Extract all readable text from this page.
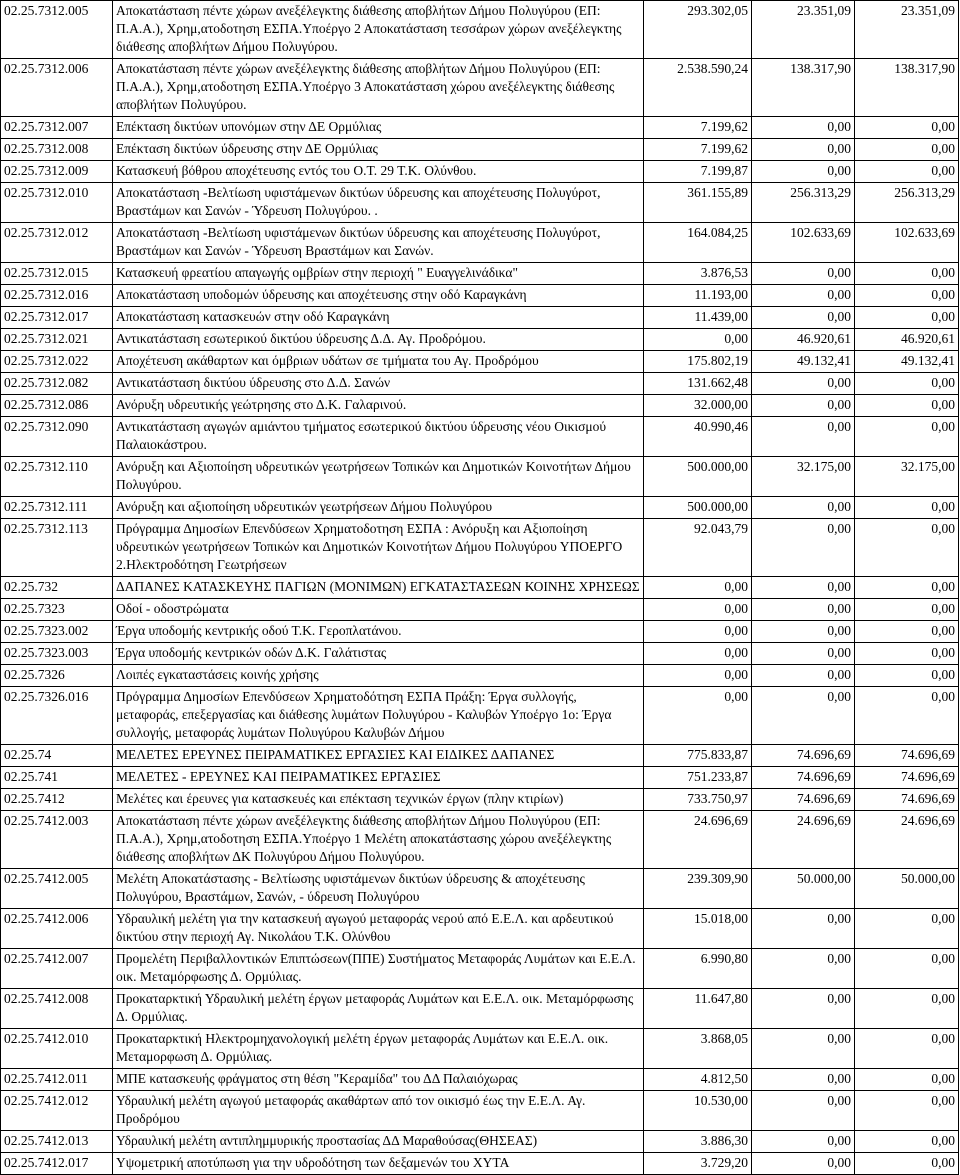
02.25.7312.005	Αποκατάσταση πέντε χώρων ανεξέλεγκτης διάθεσης αποβλήτων Δήμου Πολυγύρου (ΕΠ: Π.Α.Α.), Χρημ,ατοδοτηση ΕΣΠΑ.Υποέργο 2 Αποκατάσταση τεσσάρων χώρων ανεξέλεγκτης διάθεσης αποβλήτων Δήμου Πολυγύρου.	293.302,05	23.351,09	23.351,09
02.25.7312.006	Αποκατάσταση πέντε χώρων ανεξέλεγκτης διάθεσης αποβλήτων Δήμου Πολυγύρου (ΕΠ: Π.Α.Α.), Χρημ,ατοδοτηση ΕΣΠΑ.Υποέργο 3 Αποκατάσταση χώρου ανεξέλεγκτης διάθεσης αποβλήτων Πολυγύρου.	2.538.590,24	138.317,90	138.317,90
02.25.7312.007	Επέκταση δικτύων υπονόμων στην ΔΕ Ορμύλιας	7.199,62	0,00	0,00
02.25.7312.008	Επέκταση δικτύων ύδρευσης στην ΔΕ Ορμύλιας	7.199,62	0,00	0,00
02.25.7312.009	Κατασκευή βόθρου αποχέτευσης εντός του Ο.Τ. 29 Τ.Κ. Ολύνθου.	7.199,87	0,00	0,00
02.25.7312.010	Αποκατάσταση -Βελτίωση υφιστάμενων δικτύων ύδρευσης και αποχέτευσης Πολυγύροτ, Βραστάμων και Σανών - Ύδρευση Πολυγύρου. .	361.155,89	256.313,29	256.313,29
02.25.7312.012	Αποκατάσταση -Βελτίωση υφιστάμενων δικτύων ύδρευσης και αποχέτευσης Πολυγύροτ, Βραστάμων και Σανών - Ύδρευση Βραστάμων και Σανών.	164.084,25	102.633,69	102.633,69
02.25.7312.015	Κατασκευή φρεατίου απαγωγής ομβρίων στην περιοχή " Ευαγγελινάδικα"	3.876,53	0,00	0,00
02.25.7312.016	Αποκατάσταση υποδομών ύδρευσης και αποχέτευσης στην οδό Καραγκάνη	11.193,00	0,00	0,00
02.25.7312.017	Αποκατάσταση κατασκευών στην οδό Καραγκάνη	11.439,00	0,00	0,00
02.25.7312.021	Αντικατάσταση εσωτερικού δικτύου ύδρευσης Δ.Δ. Αγ. Προδρόμου.	0,00	46.920,61	46.920,61
02.25.7312.022	Αποχέτευση ακάθαρτων και όμβριων υδάτων σε τμήματα του Αγ. Προδρόμου	175.802,19	49.132,41	49.132,41
02.25.7312.082	Αντικατάσταση δικτύου ύδρευσης στο Δ.Δ. Σανών	131.662,48	0,00	0,00
02.25.7312.086	Ανόρυξη υδρευτικής γεώτρησης στο Δ.Κ. Γαλαρινού.	32.000,00	0,00	0,00
02.25.7312.090	Αντικατάσταση αγωγών αμιάντου τμήματος εσωτερικού δικτύου ύδρευσης νέου Οικισμού Παλαιοκάστρου.	40.990,46	0,00	0,00
02.25.7312.110	Ανόρυξη και Αξιοποίηση υδρευτικών γεωτρήσεων Τοπικών και Δημοτικών Κοινοτήτων Δήμου Πολυγύρου.	500.000,00	32.175,00	32.175,00
02.25.7312.111	Ανόρυξη και αξιοποίηση υδρευτικών γεωτρήσεων Δήμου Πολυγύρου	500.000,00	0,00	0,00
02.25.7312.113	Πρόγραμμα Δημοσίων Επενδύσεων Χρηματοδοτηση ΕΣΠΑ : Ανόρυξη και Αξιοποίηση υδρευτικών γεωτρήσεων Τοπικών και Δημοτικών Κοινοτήτων Δήμου Πολυγύρου ΥΠΟΕΡΓΟ 2.Ηλεκτροδότηση Γεωτρήσεων	92.043,79	0,00	0,00
02.25.732	ΔΑΠΑΝΕΣ ΚΑΤΑΣΚΕΥΗΣ ΠΑΓΙΩΝ (ΜΟΝΙΜΩΝ) ΕΓΚΑΤΑΣΤΑΣΕΩΝ ΚΟΙΝΗΣ ΧΡΗΣΕΩΣ	0,00	0,00	0,00
02.25.7323	Οδοί - οδοστρώματα	0,00	0,00	0,00
02.25.7323.002	Έργα υποδομής κεντρικής οδού Τ.Κ. Γεροπλατάνου.	0,00	0,00	0,00
02.25.7323.003	Έργα υποδομής κεντρικών οδών Δ.Κ. Γαλάτιστας	0,00	0,00	0,00
02.25.7326	Λοιπές εγκαταστάσεις κοινής χρήσης	0,00	0,00	0,00
02.25.7326.016	Πρόγραμμα Δημοσίων Επενδύσεων Χρηματοδότηση ΕΣΠΑ Πράξη: Έργα συλλογής, μεταφοράς, επεξεργασίας και διάθεσης λυμάτων Πολυγύρου - Καλυβών Υποέργο 1ο: Έργα συλλογής, μεταφοράς λυμάτων Πολυγύρου Καλυβών Δήμου	0,00	0,00	0,00
02.25.74	ΜΕΛΕΤΕΣ ΕΡΕΥΝΕΣ ΠΕΙΡΑΜΑΤΙΚΕΣ ΕΡΓΑΣΙΕΣ ΚΑΙ ΕΙΔΙΚΕΣ ΔΑΠΑΝΕΣ	775.833,87	74.696,69	74.696,69
02.25.741	ΜΕΛΕΤΕΣ - ΕΡΕΥΝΕΣ ΚΑΙ ΠΕΙΡΑΜΑΤΙΚΕΣ ΕΡΓΑΣΙΕΣ	751.233,87	74.696,69	74.696,69
02.25.7412	Μελέτες και έρευνες για κατασκευές και επέκταση τεχνικών έργων (πλην κτιρίων)	733.750,97	74.696,69	74.696,69
02.25.7412.003	Αποκατάσταση πέντε χώρων ανεξέλεγκτης διάθεσης αποβλήτων Δήμου Πολυγύρου (ΕΠ: Π.Α.Α.), Χρημ,ατοδοτηση ΕΣΠΑ.Υποέργο 1 Μελέτη αποκατάστασης χώρου ανεξέλεγκτης διάθεσης αποβλήτων ΔΚ Πολυγύρου Δήμου Πολυγύρου.	24.696,69	24.696,69	24.696,69
02.25.7412.005	Μελέτη Αποκατάστασης - Βελτίωσης υφιστάμενων δικτύων ύδρευσης & αποχέτευσης Πολυγύρου, Βραστάμων, Σανών, - ύδρευση Πολυγύρου	239.309,90	50.000,00	50.000,00
02.25.7412.006	Υδραυλική μελέτη για την κατασκευή αγωγού μεταφοράς νερού από Ε.Ε.Λ. και αρδευτικού δικτύου στην περιοχή Αγ. Νικολάου Τ.Κ. Ολύνθου	15.018,00	0,00	0,00
02.25.7412.007	Προμελέτη Περιβαλλοντικών Επιπτώσεων(ΠΠΕ) Συστήματος Μεταφοράς Λυμάτων και Ε.Ε.Λ. οικ. Μεταμόρφωσης Δ. Ορμύλιας.	6.990,80	0,00	0,00
02.25.7412.008	Προκαταρκτική Υδραυλική μελέτη έργων μεταφοράς Λυμάτων και Ε.Ε.Λ. οικ. Μεταμόρφωσης Δ. Ορμύλιας.	11.647,80	0,00	0,00
02.25.7412.010	Προκαταρκτική Ηλεκτρομηχανολογική μελέτη έργων μεταφοράς Λυμάτων και Ε.Ε.Λ. οικ. Μεταμορφωση Δ. Ορμύλιας.	3.868,05	0,00	0,00
02.25.7412.011	ΜΠΕ κατασκευής φράγματος στη θέση "Κεραμίδα" του ΔΔ Παλαιόχωρας	4.812,50	0,00	0,00
02.25.7412.012	Υδραυλική μελέτη αγωγού μεταφοράς ακαθάρτων από τον οικισμό έως την Ε.Ε.Λ. Αγ. Προδρόμου	10.530,00	0,00	0,00
02.25.7412.013	Υδραυλική μελέτη αντιπλημμυρικής προστασίας ΔΔ Μαραθούσας(ΘΗΣΕΑΣ)	3.886,30	0,00	0,00
02.25.7412.017	Υψομετρική αποτύπωση για την υδροδότηση των δεξαμενών του ΧΥΤΑ	3.729,20	0,00	0,00
